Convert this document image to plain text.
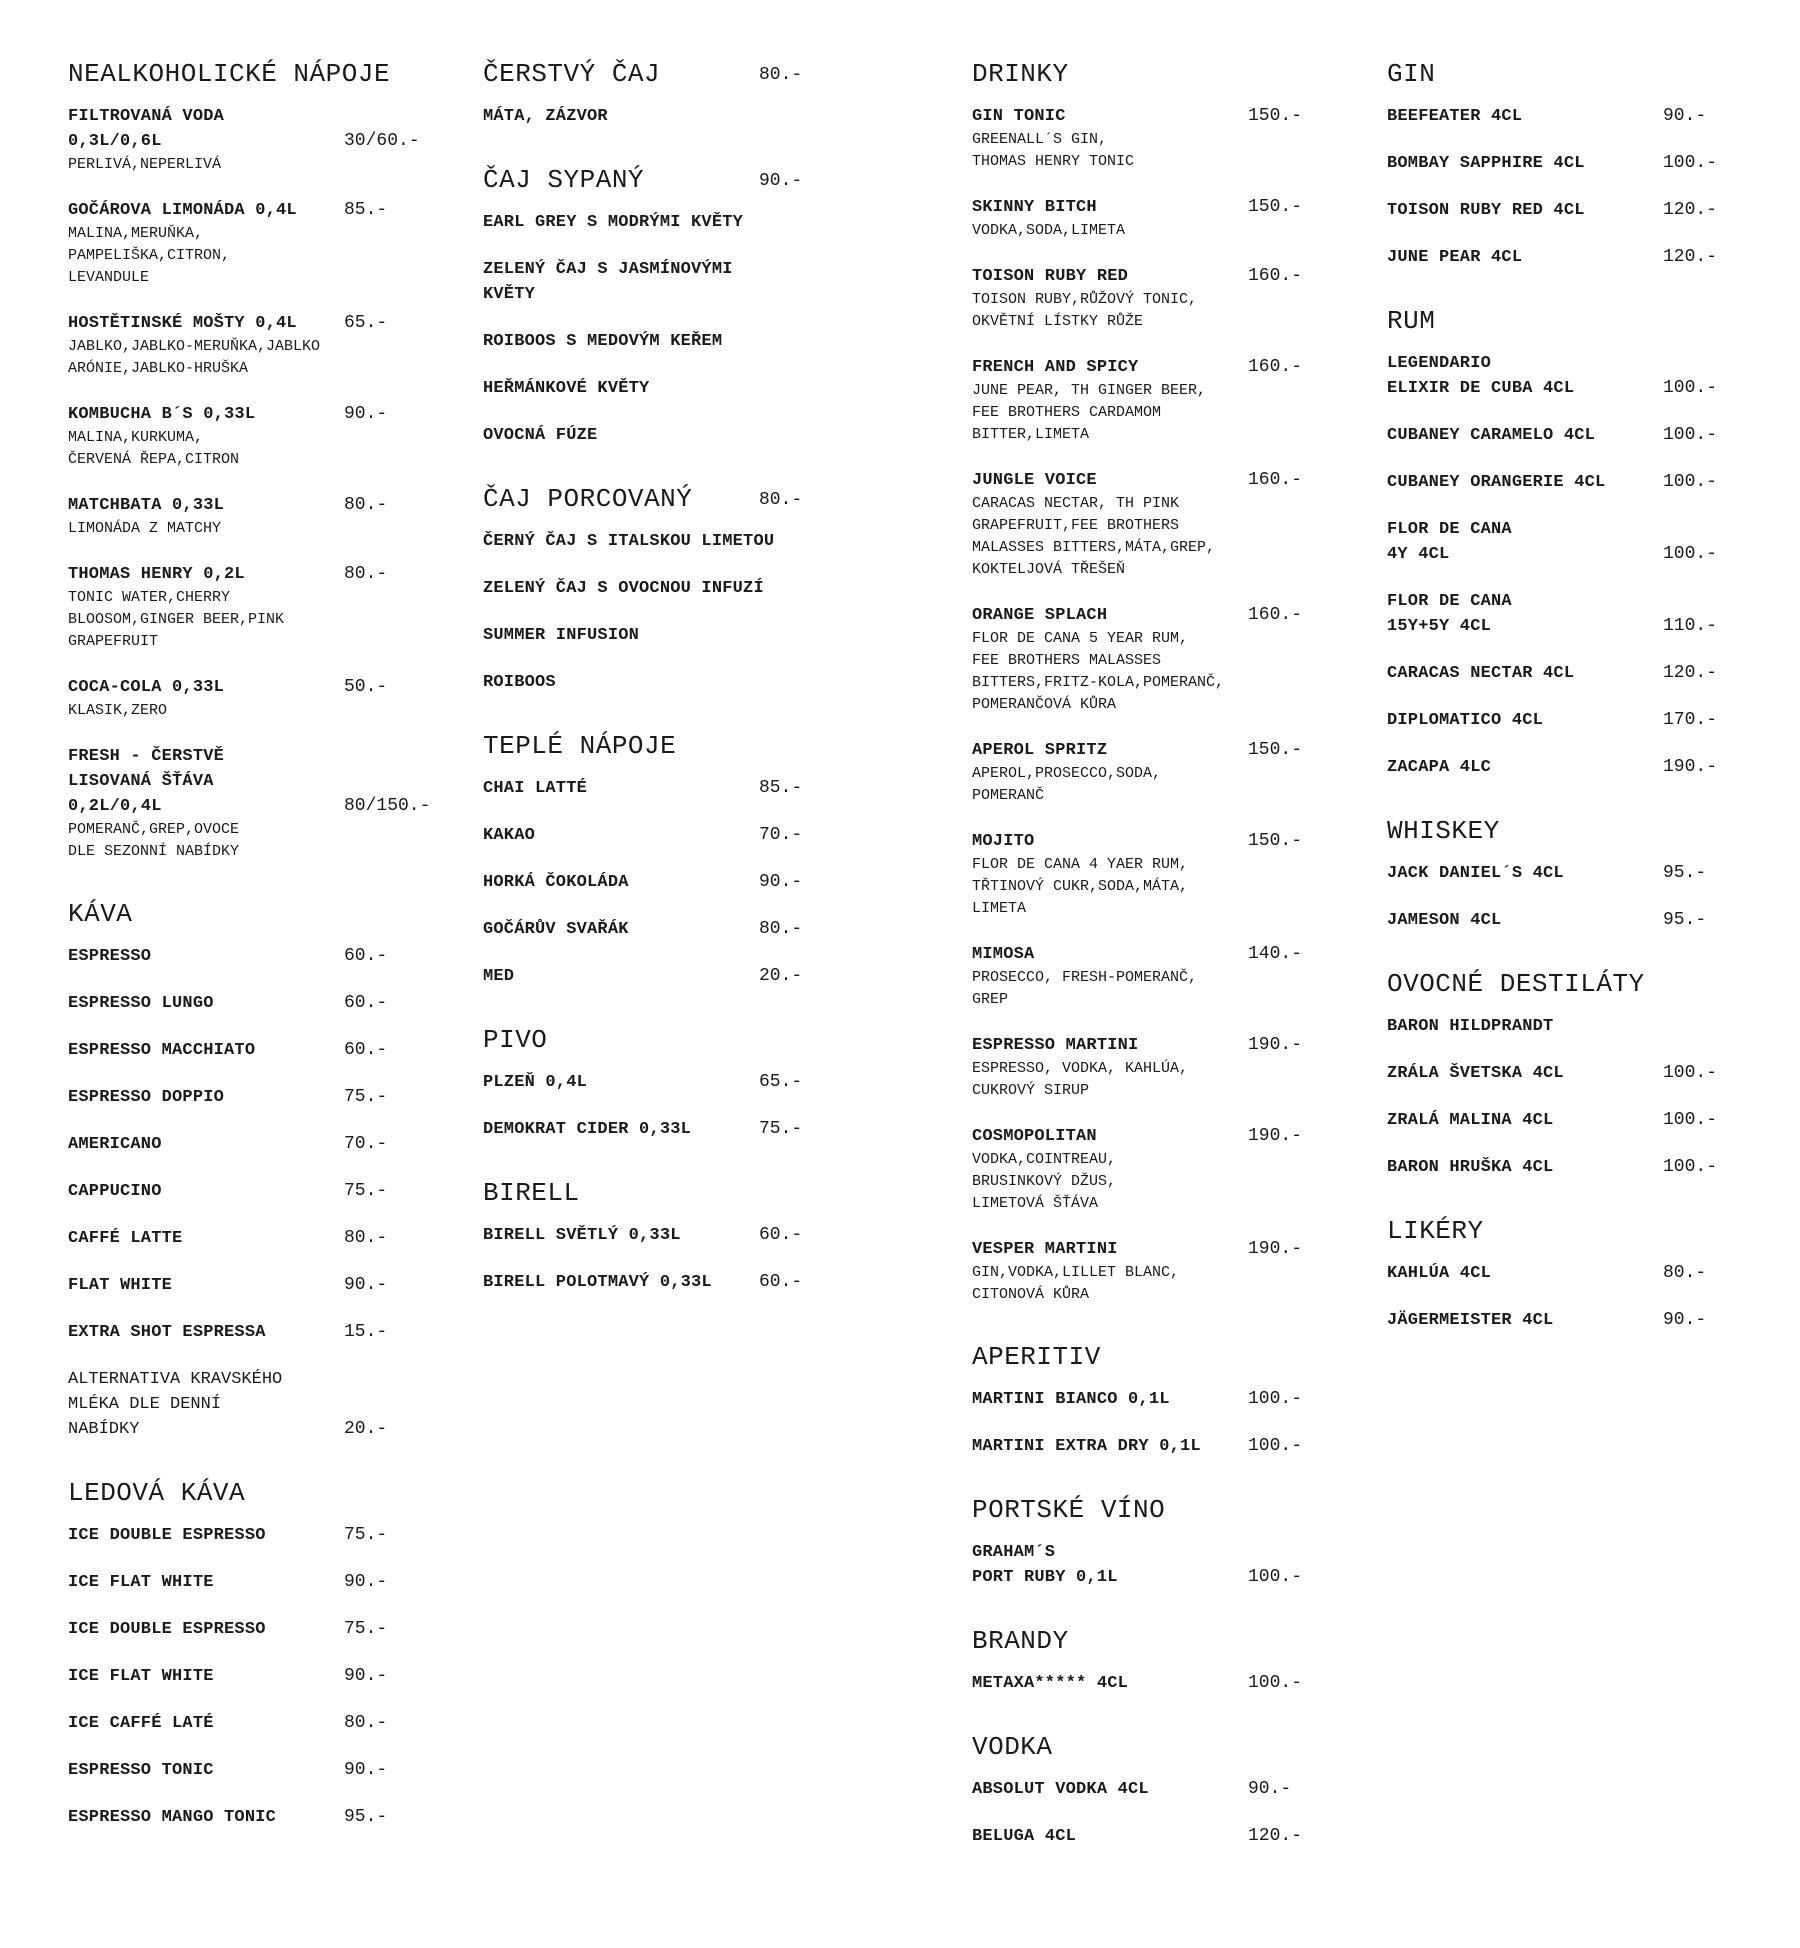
NEALKOHOLICKÉ NÁPOJE
FILTROVANÁ VODA
0,3L/0,6L
PERLIVÁ,NEPERLIVÁ
30/60.-
GOČÁROVA LIMONÁDA 0,4L
MALINA,MERUŇKA,
PAMPELIŠKA,CITRON,
LEVANDULE
85.-
HOSTĚTINSKÉ MOŠTY 0,4L
JABLKO,JABLKO-MERUŇKA,JABLKO
ARÓNIE,JABLKO-HRUŠKA
65.-
KOMBUCHA B´S 0,33L
MALINA,KURKUMA,
ČERVENÁ ŘEPA,CITRON
90.-
MATCHBATA 0,33L
LIMONÁDA Z MATCHY
80.-
THOMAS HENRY 0,2L
TONIC WATER,CHERRY
BLOOSOM,GINGER BEER,PINK
GRAPEFRUIT
80.-
COCA-COLA 0,33L
KLASIK,ZERO
50.-
FRESH - ČERSTVĚ
LISOVANÁ ŠŤÁVA
0,2L/0,4L
POMERANČ,GREP,OVOCE
DLE SEZONNÍ NABÍDKY
80/150.-
KÁVA
ESPRESSO	60.-
ESPRESSO LUNGO	60.-
ESPRESSO MACCHIATO	60.-
ESPRESSO DOPPIO	75.-
AMERICANO	70.-
CAPPUCINO	75.-
CAFFÉ LATTE	80.-
FLAT WHITE	90.-
EXTRA SHOT ESPRESSA	15.-
ALTERNATIVA KRAVSKÉHO
MLÉKA DLE DENNÍ
NABÍDKY	20.-
LEDOVÁ KÁVA
ICE DOUBLE ESPRESSO	75.-
ICE FLAT WHITE	90.-
ICE DOUBLE ESPRESSO	75.-
ICE FLAT WHITE	90.-
ICE CAFFÉ LATÉ	80.-
ESPRESSO TONIC	90.-
ESPRESSO MANGO TONIC	95.-
ČERSTVÝ ČAJ	80.-
MÁTA, ZÁZVOR
ČAJ SYPANÝ	90.-
EARL GREY S MODRÝMI KVĚTY
ZELENÝ ČAJ S JASMÍNOVÝMI KVĚTY
ROIBOOS S MEDOVÝM KEŘEM
HEŘMÁNKOVÉ KVĚTY
OVOCNÁ FÚZE
ČAJ PORCOVANÝ	80.-
ČERNÝ ČAJ S ITALSKOU LIMETOU
ZELENÝ ČAJ S OVOCNOU INFUZÍ
SUMMER INFUSION
ROIBOOS
TEPLÉ NÁPOJE
CHAI LATTÉ	85.-
KAKAO	70.-
HORKÁ ČOKOLÁDA	90.-
GOČÁRŮV SVAŘÁK	80.-
MED	20.-
PIVO
PLZEŇ 0,4L	65.-
DEMOKRAT CIDER 0,33L	75.-
BIRELL
BIRELL SVĚTLÝ 0,33L	60.-
BIRELL POLOTMAVÝ 0,33L	60.-
DRINKY
GIN TONIC
GREENALL´S GIN,
THOMAS HENRY TONIC
150.-
SKINNY BITCH
VODKA,SODA,LIMETA
150.-
TOISON RUBY RED
TOISON RUBY,RŮŽOVÝ TONIC,
OKVĚTNÍ LÍSTKY RŮŽE
160.-
FRENCH AND SPICY
JUNE PEAR, TH GINGER BEER,
FEE BROTHERS CARDAMOM
BITTER,LIMETA
160.-
JUNGLE VOICE
CARACAS NECTAR, TH PINK
GRAPEFRUIT,FEE BROTHERS
MALASSES BITTERS,MÁTA,GREP,
KOKTELJOVÁ TŘEŠEŇ
160.-
ORANGE SPLACH
FLOR DE CANA 5 YEAR RUM,
FEE BROTHERS MALASSES
BITTERS,FRITZ-KOLA,POMERANČ,
POMERANČOVÁ KŮRA
160.-
APEROL SPRITZ
APEROL,PROSECCO,SODA,
POMERANČ
150.-
MOJITO
FLOR DE CANA 4 YAER RUM,
TŘTINOVÝ CUKR,SODA,MÁTA,
LIMETA
150.-
MIMOSA
PROSECCO, FRESH-POMERANČ,
GREP
140.-
ESPRESSO MARTINI
ESPRESSO, VODKA, KAHLÚA,
CUKROVÝ SIRUP
190.-
COSMOPOLITAN
VODKA,COINTREAU,
BRUSINKOVÝ DŽUS,
LIMETOVÁ ŠŤÁVA
190.-
VESPER MARTINI
GIN,VODKA,LILLET BLANC,
CITONOVÁ KŮRA
190.-
APERITIV
MARTINI BIANCO 0,1L	100.-
MARTINI EXTRA DRY 0,1L	100.-
PORTSKÉ VÍNO
GRAHAM´S
PORT RUBY 0,1L	100.-
BRANDY
METAXA***** 4CL	100.-
VODKA
ABSOLUT VODKA 4CL	90.-
BELUGA 4CL	120.-
GIN
BEEFEATER 4CL	90.-
BOMBAY SAPPHIRE 4CL	100.-
TOISON RUBY RED 4CL	120.-
JUNE PEAR 4CL	120.-
RUM
LEGENDARIO
ELIXIR DE CUBA 4CL	100.-
CUBANEY CARAMELO 4CL	100.-
CUBANEY ORANGERIE 4CL	100.-
FLOR DE CANA
4Y 4CL	100.-
FLOR DE CANA
15Y+5Y 4CL	110.-
CARACAS NECTAR 4CL	120.-
DIPLOMATICO 4CL	170.-
ZACAPA 4LC	190.-
WHISKEY
JACK DANIEL´S 4CL	95.-
JAMESON 4CL	95.-
OVOCNÉ DESTILÁTY
BARON HILDPRANDT
ZRÁLA ŠVETSKA 4CL	100.-
ZRALÁ MALINA 4CL	100.-
BARON HRUŠKA 4CL	100.-
LIKÉRY
KAHLÚA 4CL	80.-
JÄGERMEISTER 4CL	90.-
